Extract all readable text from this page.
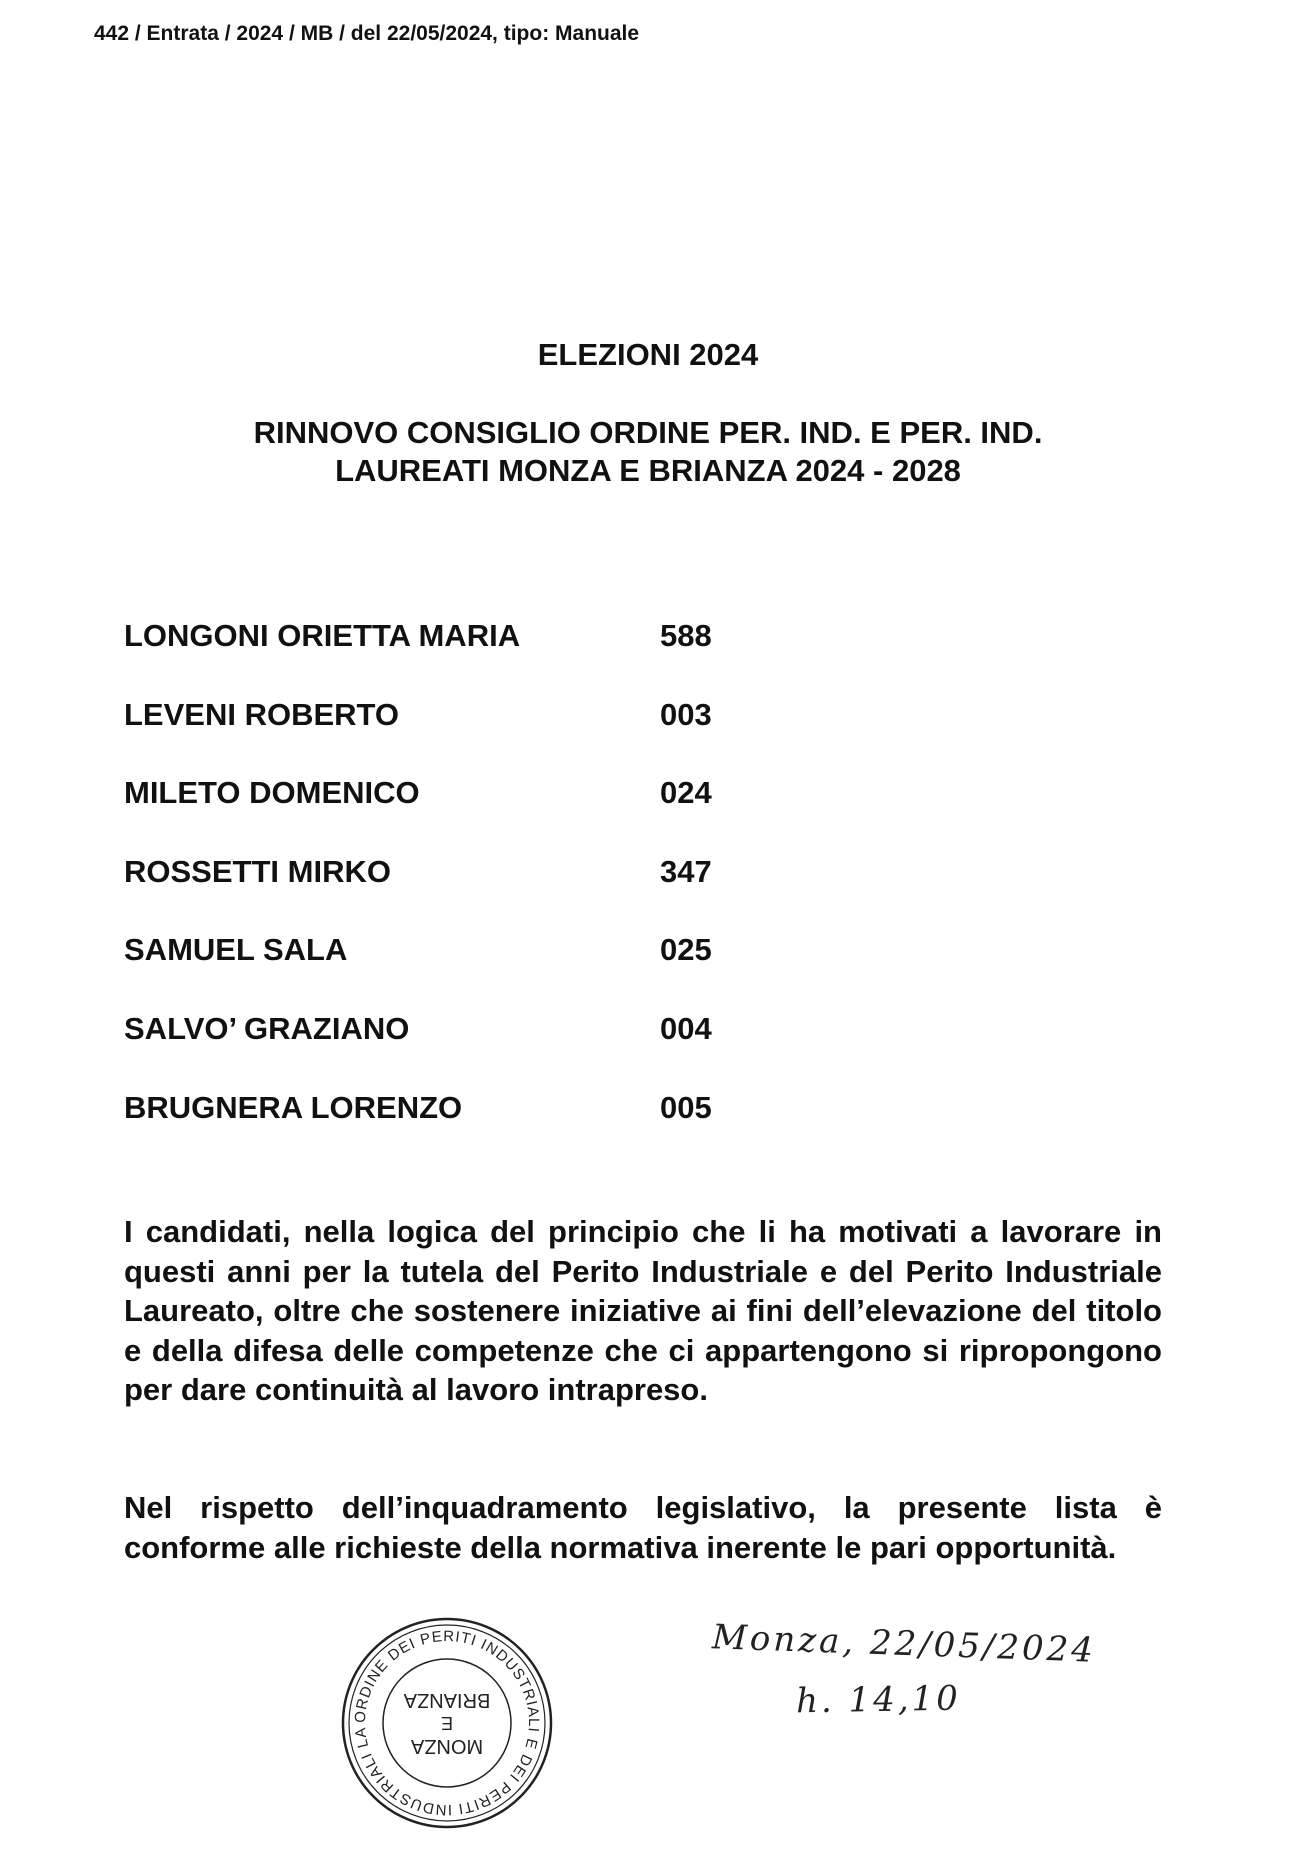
442 / Entrata / 2024 / MB / del 22/05/2024, tipo: Manuale
ELEZIONI 2024
RINNOVO CONSIGLIO ORDINE PER. IND. E PER. IND.
LAUREATI MONZA E BRIANZA 2024 - 2028
LONGONI ORIETTA MARIA	588
LEVENI ROBERTO	003
MILETO DOMENICO	024
ROSSETTI MIRKO	347
SAMUEL SALA	025
SALVO’ GRAZIANO	004
BRUGNERA LORENZO	005
I candidati, nella logica del principio che li ha motivati a lavorare in questi anni per la tutela del Perito Industriale e del Perito Industriale Laureato, oltre che sostenere iniziative ai fini dell’elevazione del titolo e della difesa delle competenze che ci appartengono si ripropongono per dare continuità al lavoro intrapreso.
Nel rispetto dell’inquadramento legislativo, la presente lista è conforme alle richieste della normativa inerente le pari opportunità.
ORDINE DEI PERITI INDUSTRIALI E DEI PERITI INDUSTRIALI LA
MONZA
E
BRIANZA
Monza, 22/05/2024
h. 14,10
